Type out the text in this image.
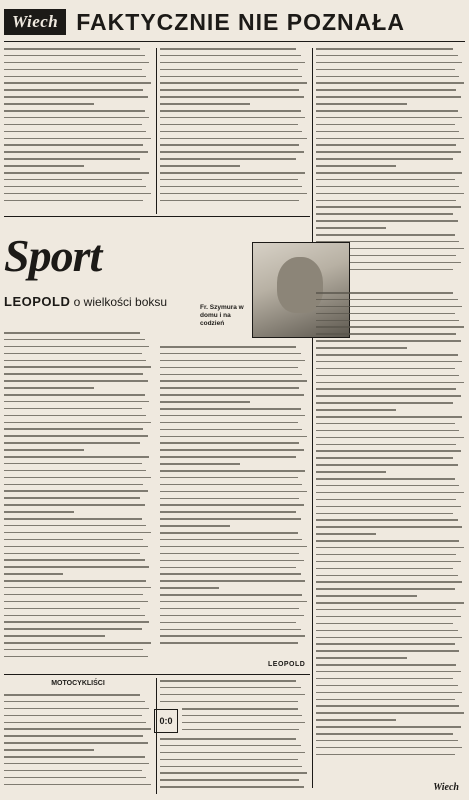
Wiech FAKTYCZNIE NIE POZNAŁA
Sport
LEOPOLD o wielkości boksu	Fr. Szymura w domu i na codzień
LEOPOLD
MOTOCYKLIŚCI
0:0
Wiech
